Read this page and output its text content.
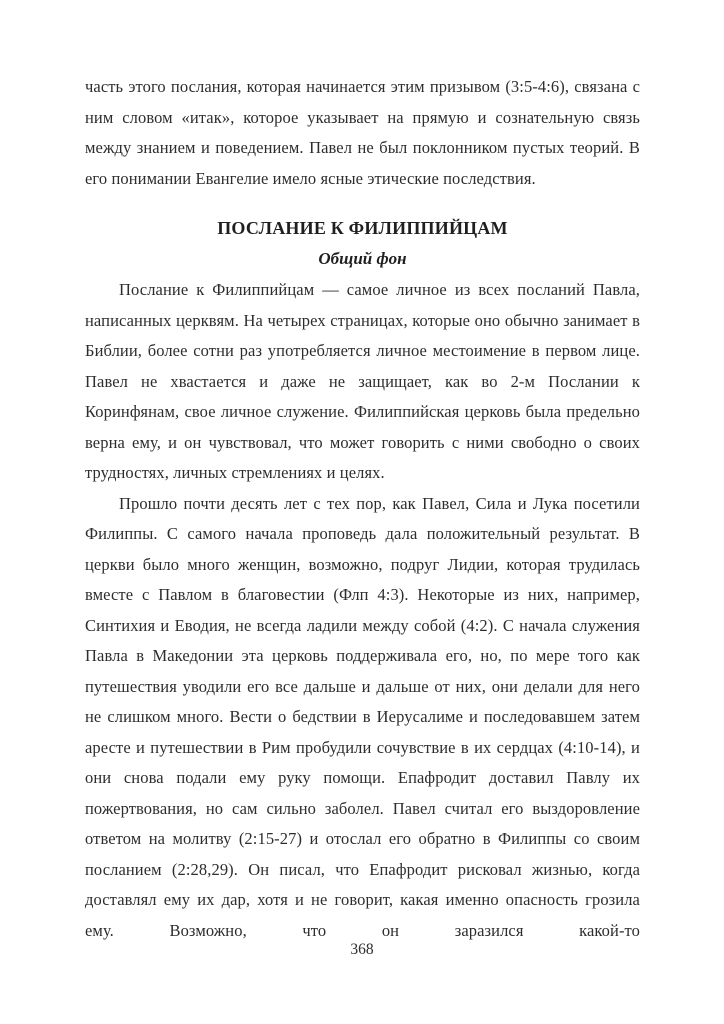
часть этого послания, которая начинается этим призывом (3:5-4:6), связана с ним словом «итак», которое указывает на прямую и сознательную связь между знанием и поведением. Павел не был поклонником пустых теорий. В его понимании Евангелие имело ясные этические последствия.

ПОСЛАНИЕ К ФИЛИППИЙЦАМ
Общий фон

Послание к Филиппийцам — самое личное из всех посланий Павла, написанных церквям. На четырех страницах, которые оно обычно занимает в Библии, более сотни раз употребляется личное местоимение в первом лице. Павел не хвастается и даже не защищает, как во 2-м Послании к Коринфянам, свое личное служение. Филиппийская церковь была предельно верна ему, и он чувствовал, что может говорить с ними свободно о своих трудностях, личных стремлениях и целях.

Прошло почти десять лет с тех пор, как Павел, Сила и Лука посетили Филиппы. С самого начала проповедь дала положительный результат. В церкви было много женщин, возможно, подруг Лидии, которая трудилась вместе с Павлом в благовестии (Флп 4:3). Некоторые из них, например, Синтихия и Еводия, не всегда ладили между собой (4:2). С начала служения Павла в Македонии эта церковь поддерживала его, но, по мере того как путешествия уводили его все дальше и дальше от них, они делали для него не слишком много. Вести о бедствии в Иерусалиме и последовавшем затем аресте и путешествии в Рим пробудили сочувствие в их сердцах (4:10-14), и они снова подали ему руку помощи. Епафродит доставил Павлу их пожертвования, но сам сильно заболел. Павел считал его выздоровление ответом на молитву (2:15-27) и отослал его обратно в Филиппы со своим посланием (2:28,29). Он писал, что Епафродит рисковал жизнью, когда доставлял ему их дар, хотя и не говорит, какая именно опасность грозила ему. Возможно, что он заразился какой-то

368
